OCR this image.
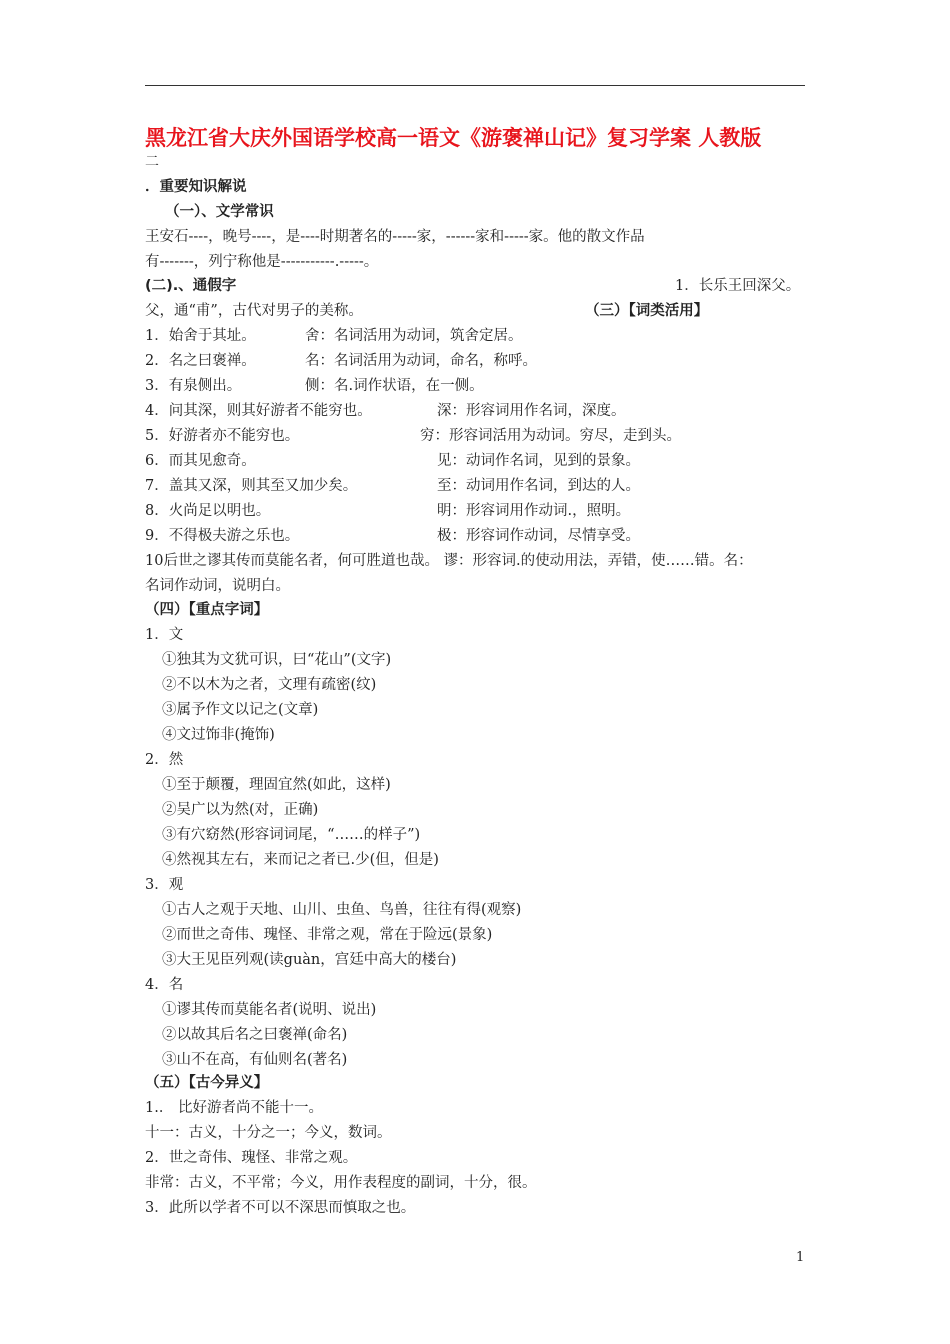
黑龙江省大庆外国语学校高一语文《游褒禅山记》复习学案 人教版
二
．重要知识解说
（一）、文学常识
王安石----，晚号----，是----时期著名的-----家，------家和-----家。他的散文作品
有-------，列宁称他是-----------.-----。
(二).、通假字	1．长乐王回深父。
父，通“甫”，古代对男子的美称。	（三）【词类活用】
1．始舍于其址。	舍：名词活用为动词，筑舍定居。
2．名之曰褒禅。	名：名词活用为动词，命名，称呼。
3．有泉侧出。	侧：名.词作状语，在一侧。
4．问其深，则其好游者不能穷也。	深：形容词用作名词，深度。
5．好游者亦不能穷也。	穷：形容词活用为动词。穷尽，走到头。
6．而其见愈奇。	见：动词作名词，见到的景象。
7．盖其又深，则其至又加少矣。	至：动词用作名词，到达的人。
8．火尚足以明也。	明：形容词用作动词.，照明。
9．不得极夫游之乐也。	极：形容词作动词，尽情享受。
10后世之谬其传而莫能名者，何可胜道也哉。 谬：形容词.的使动用法，弄错，使……错。名：
名词作动词，说明白。
（四）【重点字词】
1．文
①独其为文犹可识，曰“花山”(文字)
②不以木为之者，文理有疏密(纹)
③属予作文以记之(文章)
④文过饰非(掩饰)
2．然
①至于颠覆，理固宜然(如此，这样)
②吴广以为然(对，正确)
③有穴窈然(形容词词尾，“……的样子”)
④然视其左右，来而记之者已.少(但，但是)
3．观
①古人之观于天地、山川、虫鱼、鸟兽，往往有得(观察)
②而世之奇伟、瑰怪、非常之观，常在于险远(景象)
③大王见臣列观(读guàn，宫廷中高大的楼台)
4．名
①谬其传而莫能名者(说明、说出)
②以故其后名之曰褒禅(命名)
③山不在高，有仙则名(著名)
（五）【古今异义】
1.． 比好游者尚不能十一。
十一：古义，十分之一；今义，数词。
2．世之奇伟、瑰怪、非常之观。
非常：古义，不平常；今义，用作表程度的副词，十分，很。
3．此所以学者不可以不深思而慎取之也。
1
